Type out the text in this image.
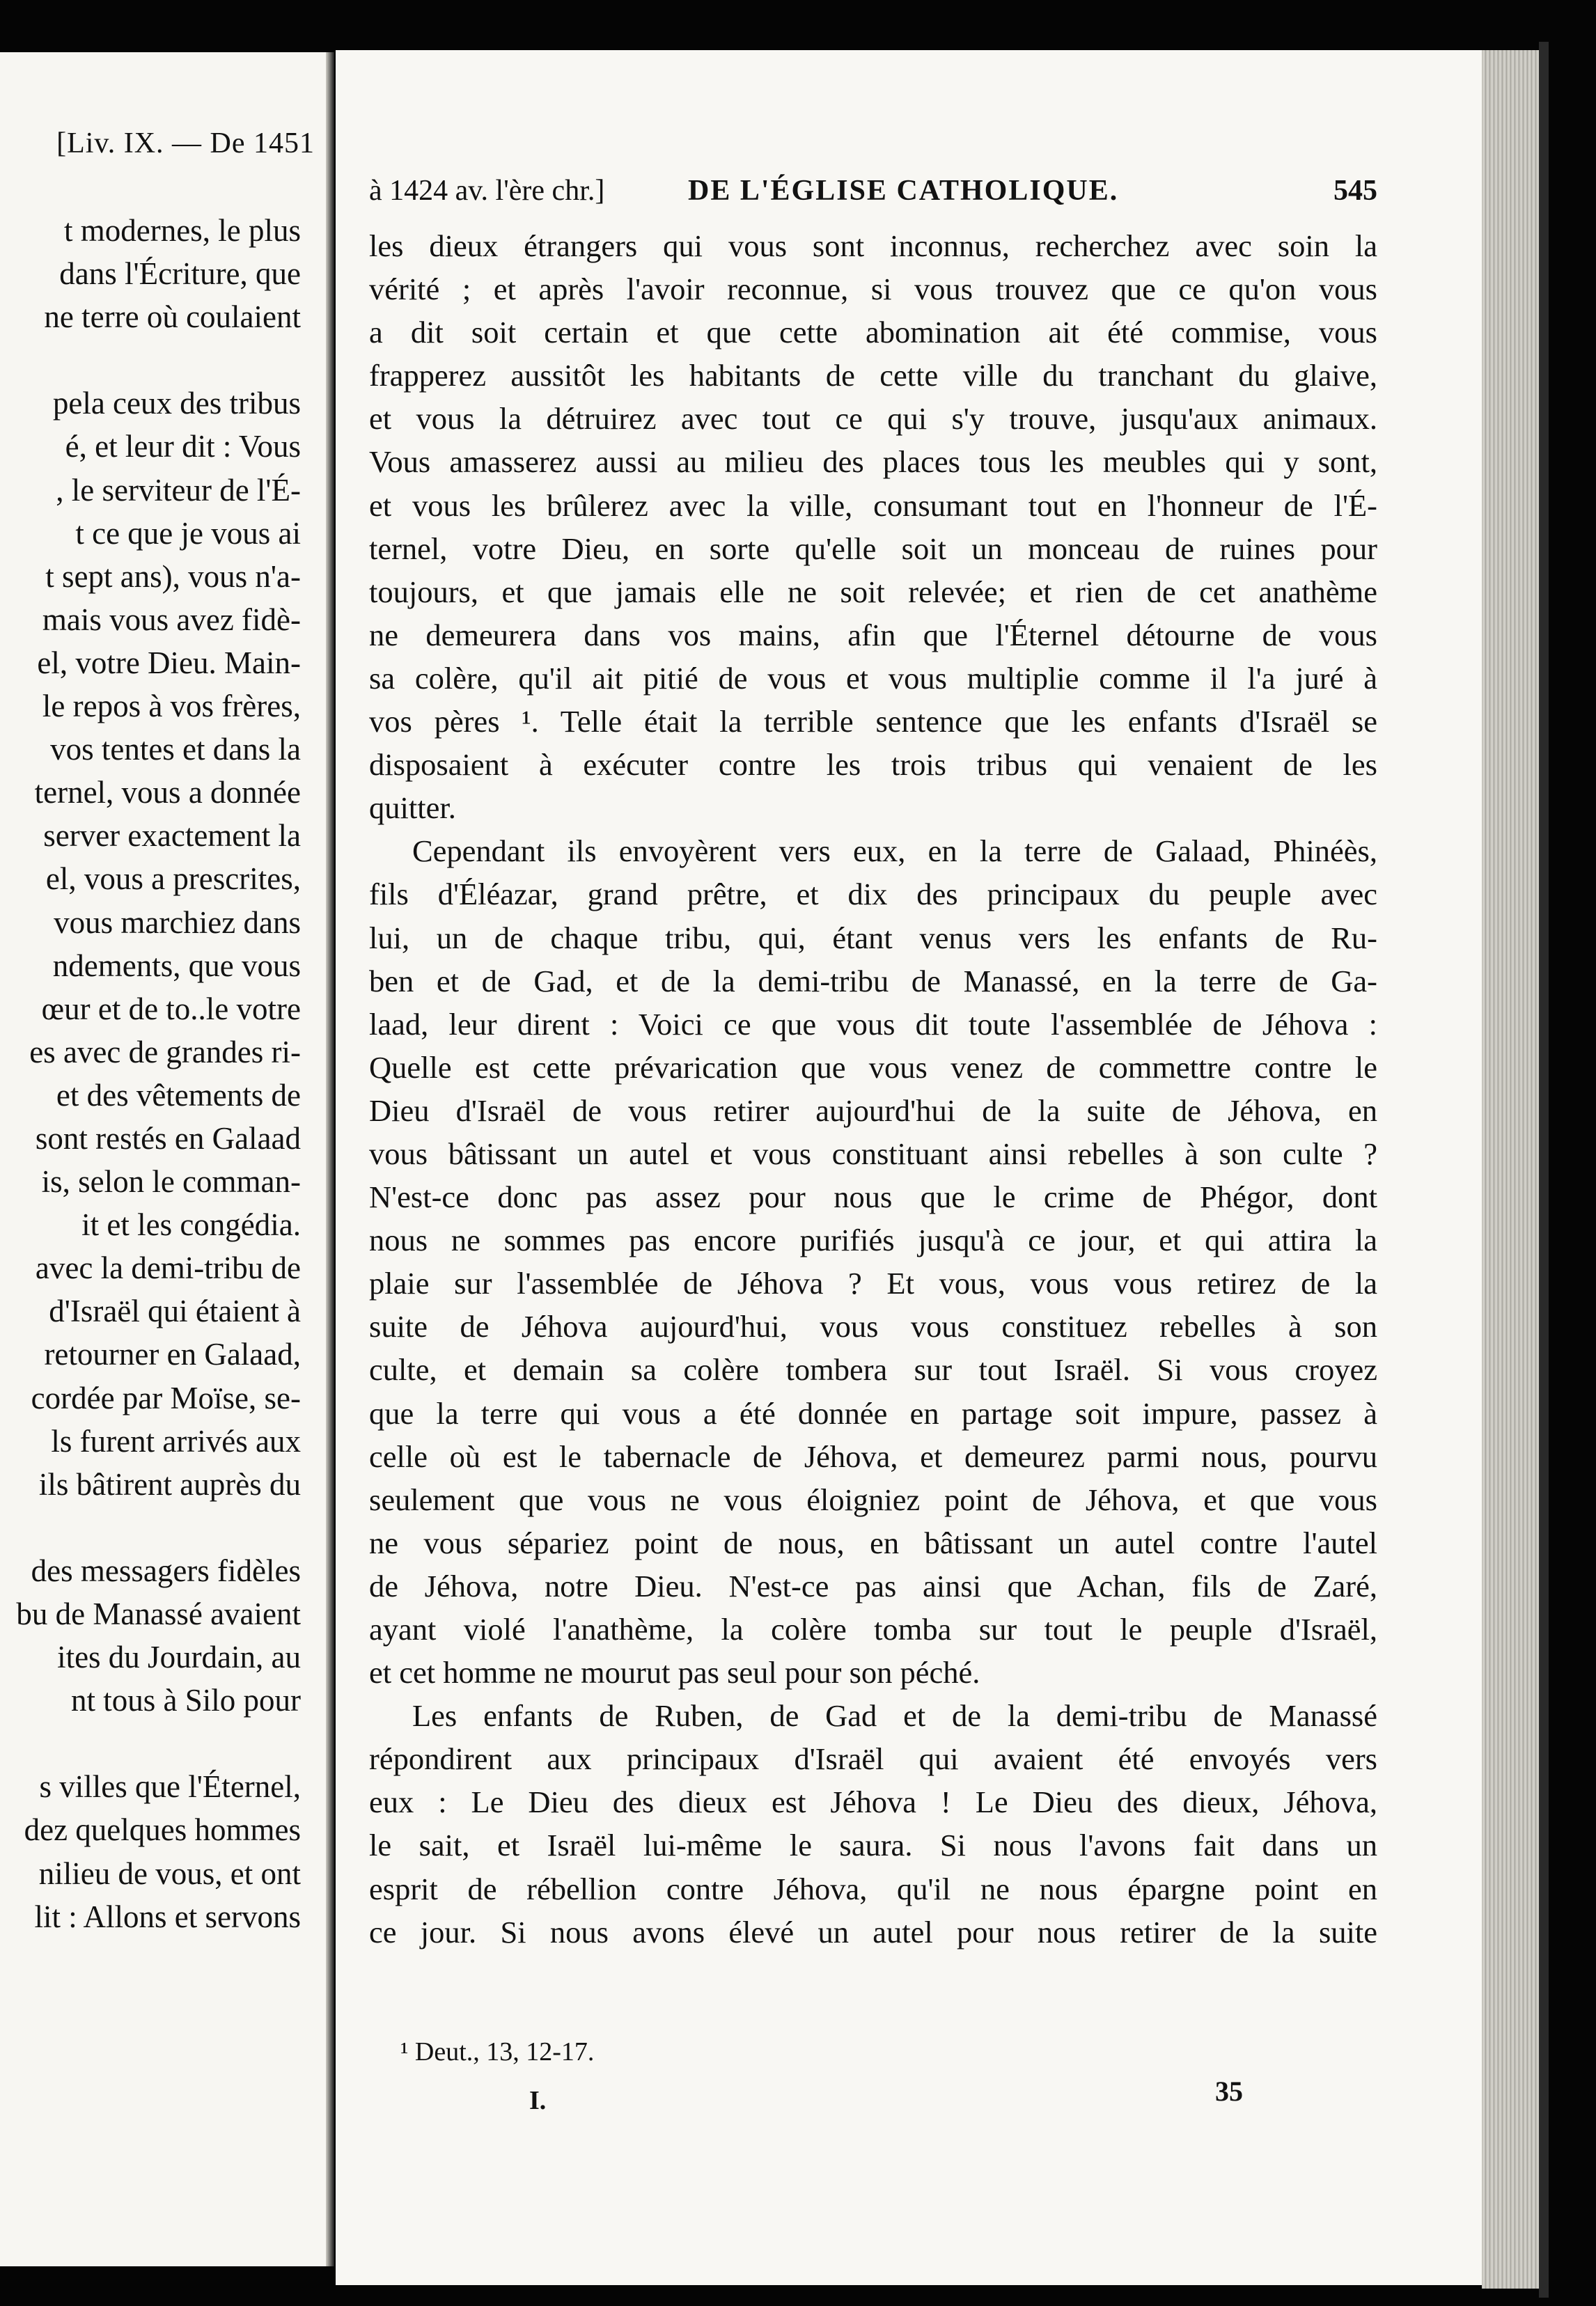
[Liv. IX. — De 1451
t modernes, le plus
dans l'Écriture, que
ne terre où coulaient
pela ceux des tribus
é, et leur dit : Vous
, le serviteur de l'É-
t ce que je vous ai
t sept ans), vous n'a-
mais vous avez fidè-
el, votre Dieu. Main-
le repos à vos frères,
vos tentes et dans la
ternel, vous a donnée
server exactement la
el, vous a prescrites,
vous marchiez dans
ndements, que vous
œur et de to..le votre
es avec de grandes ri-
et des vêtements de
sont restés en Galaad
is, selon le comman-
it et les congédia.
avec la demi-tribu de
d'Israël qui étaient à
retourner en Galaad,
cordée par Moïse, se-
ls furent arrivés aux
ils bâtirent auprès du
des messagers fidèles
bu de Manassé avaient
ites du Jourdain, au
nt tous à Silo pour
s villes que l'Éternel,
dez quelques hommes
nilieu de vous, et ont
lit : Allons et servons
à 1424 av. l'ère chr.]	DE L'ÉGLISE CATHOLIQUE.	545
les dieux étrangers qui vous sont inconnus, recherchez avec soin la
vérité ; et après l'avoir reconnue, si vous trouvez que ce qu'on vous
a dit soit certain et que cette abomination ait été commise, vous
frapperez aussitôt les habitants de cette ville du tranchant du glaive,
et vous la détruirez avec tout ce qui s'y trouve, jusqu'aux animaux.
Vous amasserez aussi au milieu des places tous les meubles qui y sont,
et vous les brûlerez avec la ville, consumant tout en l'honneur de l'É-
ternel, votre Dieu, en sorte qu'elle soit un monceau de ruines pour
toujours, et que jamais elle ne soit relevée; et rien de cet anathème
ne demeurera dans vos mains, afin que l'Éternel détourne de vous
sa colère, qu'il ait pitié de vous et vous multiplie comme il l'a juré à
vos pères ¹. Telle était la terrible sentence que les enfants d'Israël se
disposaient à exécuter contre les trois tribus qui venaient de les
quitter.
Cependant ils envoyèrent vers eux, en la terre de Galaad, Phinéès,
fils d'Éléazar, grand prêtre, et dix des principaux du peuple avec
lui, un de chaque tribu, qui, étant venus vers les enfants de Ru-
ben et de Gad, et de la demi-tribu de Manassé, en la terre de Ga-
laad, leur dirent : Voici ce que vous dit toute l'assemblée de Jéhova :
Quelle est cette prévarication que vous venez de commettre contre le
Dieu d'Israël de vous retirer aujourd'hui de la suite de Jéhova, en
vous bâtissant un autel et vous constituant ainsi rebelles à son culte ?
N'est-ce donc pas assez pour nous que le crime de Phégor, dont
nous ne sommes pas encore purifiés jusqu'à ce jour, et qui attira la
plaie sur l'assemblée de Jéhova ? Et vous, vous vous retirez de la
suite de Jéhova aujourd'hui, vous vous constituez rebelles à son
culte, et demain sa colère tombera sur tout Israël. Si vous croyez
que la terre qui vous a été donnée en partage soit impure, passez à
celle où est le tabernacle de Jéhova, et demeurez parmi nous, pourvu
seulement que vous ne vous éloigniez point de Jéhova, et que vous
ne vous sépariez point de nous, en bâtissant un autel contre l'autel
de Jéhova, notre Dieu. N'est-ce pas ainsi que Achan, fils de Zaré,
ayant violé l'anathème, la colère tomba sur tout le peuple d'Israël,
et cet homme ne mourut pas seul pour son péché.
Les enfants de Ruben, de Gad et de la demi-tribu de Manassé
répondirent aux principaux d'Israël qui avaient été envoyés vers
eux : Le Dieu des dieux est Jéhova ! Le Dieu des dieux, Jéhova,
le sait, et Israël lui-même le saura. Si nous l'avons fait dans un
esprit de rébellion contre Jéhova, qu'il ne nous épargne point en
ce jour. Si nous avons élevé un autel pour nous retirer de la suite
¹ Deut., 13, 12-17.
I.	35
